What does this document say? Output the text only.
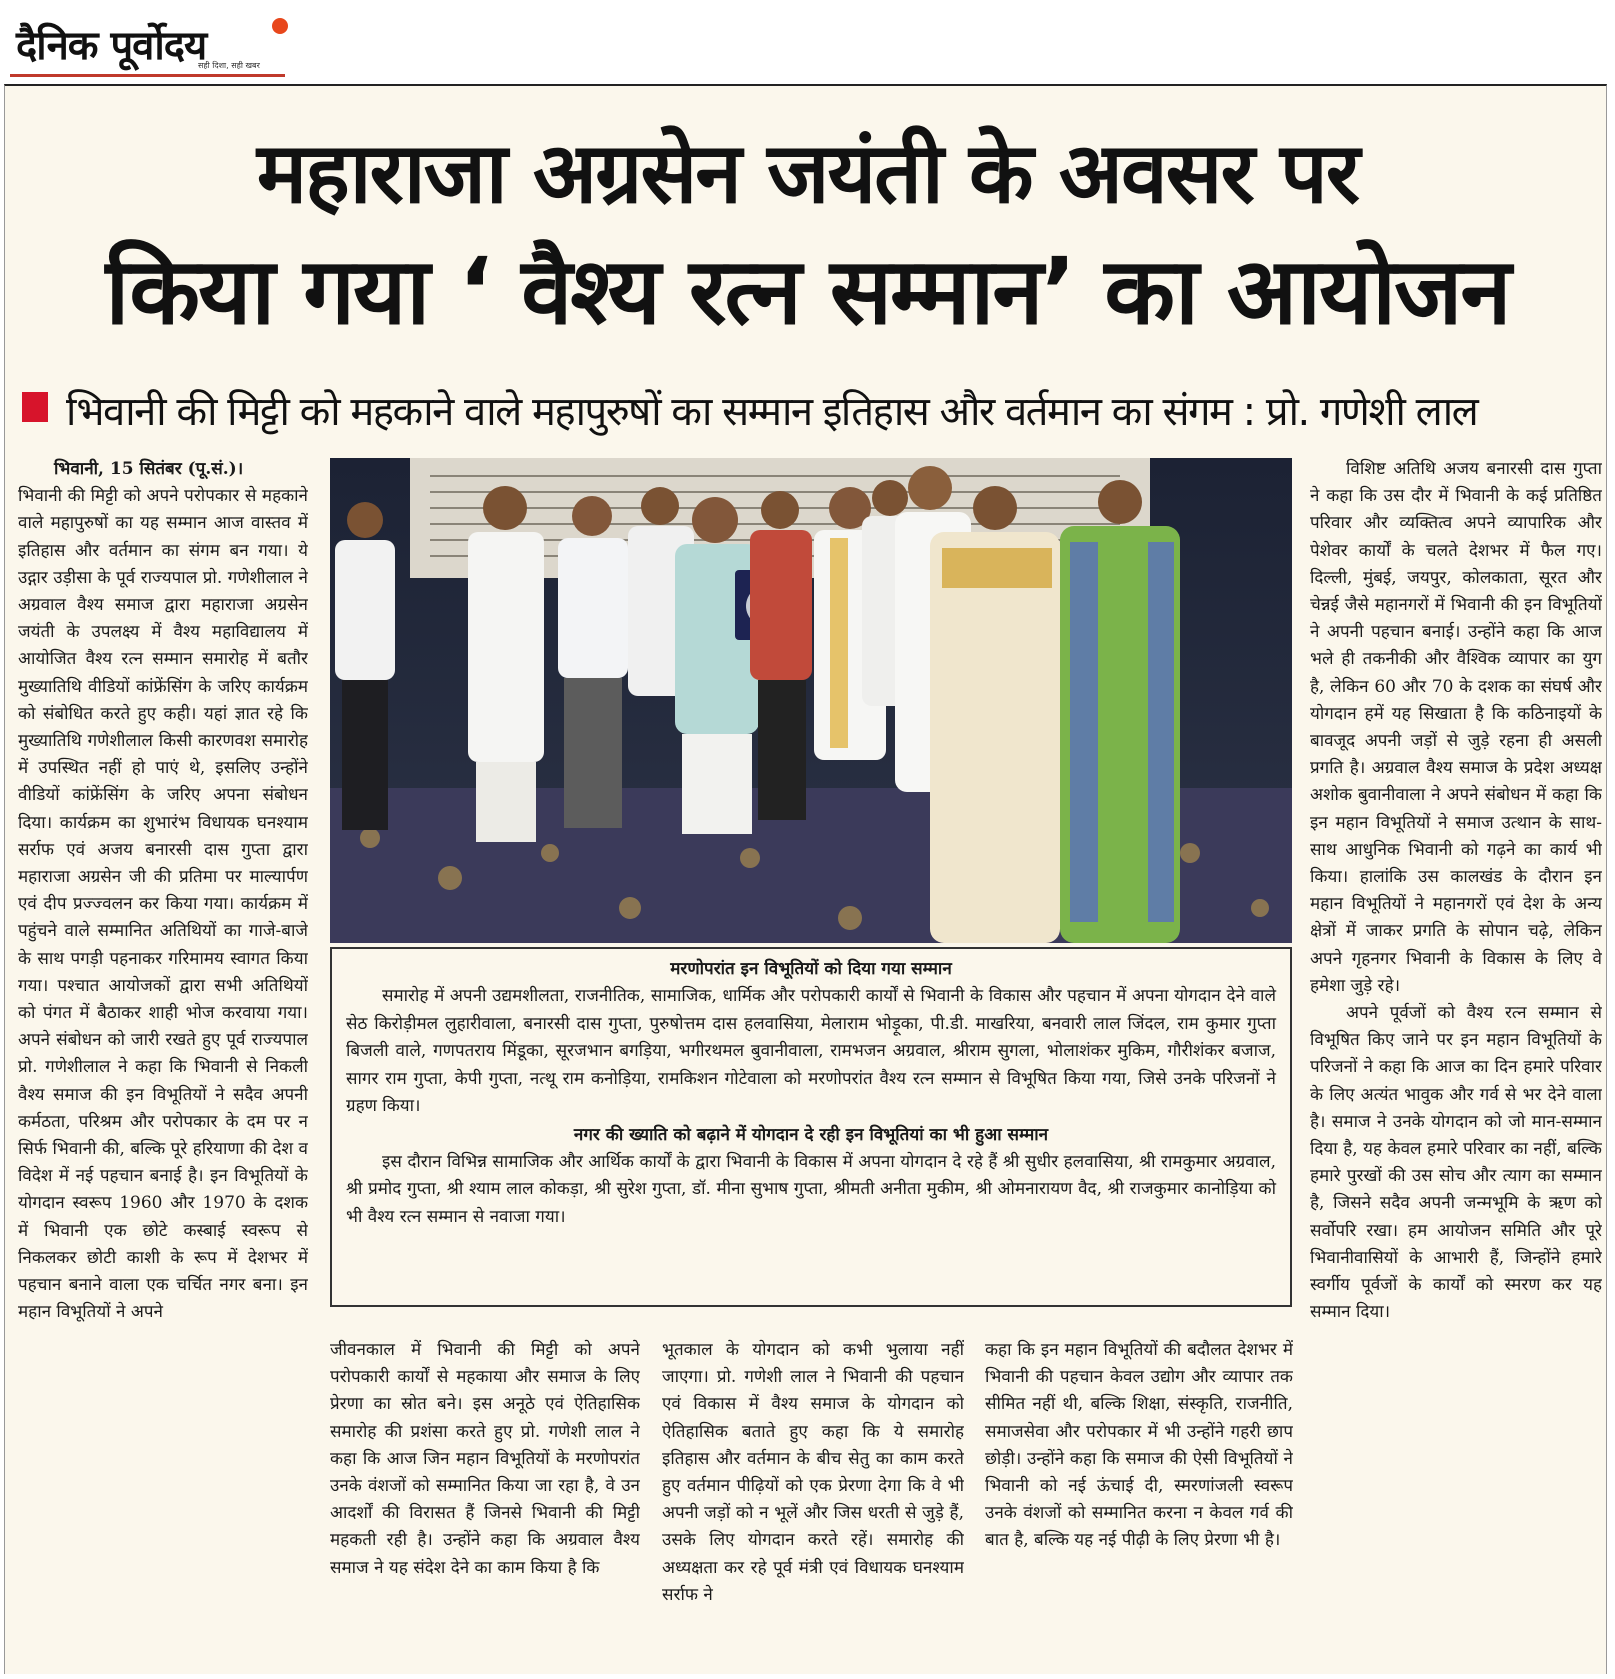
दैनिक पूर्वोदय
सही दिशा, सही खबर
महाराजा अग्रसेन जयंती के अवसर पर
किया गया ‘ वैश्य रत्न सम्मान’ का आयोजन
भिवानी की मिट्टी को महकाने वाले महापुरुषों का सम्मान इतिहास और वर्तमान का संगम : प्रो. गणेशी लाल

भिवानी, 15 सितंबर (पू.सं.)।

भिवानी की मिट्टी को अपने परोपकार से महकाने वाले महापुरुषों का यह सम्मान आज वास्तव में इतिहास और वर्तमान का संगम बन गया। ये उद्गार उड़ीसा के पूर्व राज्यपाल प्रो. गणेशीलाल ने अग्रवाल वैश्य समाज द्वारा महाराजा अग्रसेन जयंती के उपलक्ष्य में वैश्य महाविद्यालय में आयोजित वैश्य रत्न सम्मान समारोह में बतौर मुख्यातिथि वीडियों कांफ्रेंसिंग के जरिए कार्यक्रम को संबोधित करते हुए कही। यहां ज्ञात रहे कि मुख्यातिथि गणेशीलाल किसी कारणवश समारोह में उपस्थित नहीं हो पाएं थे, इसलिए उन्होंने वीडियों कांफ्रेंसिंग के जरिए अपना संबोधन दिया। कार्यक्रम का शुभारंभ विधायक घनश्याम सर्राफ एवं अजय बनारसी दास गुप्ता द्वारा महाराजा अग्रसेन जी की प्रतिमा पर माल्यार्पण एवं दीप प्रज्ज्वलन कर किया गया। कार्यक्रम में पहुंचने वाले सम्मानित अतिथियों का गाजे-बाजे के साथ पगड़ी पहनाकर गरिमामय स्वागत किया गया। पश्चात आयोजकों द्वारा सभी अतिथियों को पंगत में बैठाकर शाही भोज करवाया गया। अपने संबोधन को जारी रखते हुए पूर्व राज्यपाल प्रो. गणेशीलाल ने कहा कि भिवानी से निकली वैश्य समाज की इन विभूतियों ने सदैव अपनी कर्मठता, परिश्रम और परोपकार के दम पर न सिर्फ भिवानी की, बल्कि पूरे हरियाणा की देश व विदेश में नई पहचान बनाई है। इन विभूतियों के योगदान स्वरूप 1960 और 1970 के दशक में भिवानी एक छोटे कस्बाई स्वरूप से निकलकर छोटी काशी के रूप में देशभर में पहचान बनाने वाला एक चर्चित नगर बना। इन महान विभूतियों ने अपने

मरणोपरांत इन विभूतियों को दिया गया सम्मान

समारोह में अपनी उद्यमशीलता, राजनीतिक, सामाजिक, धार्मिक और परोपकारी कार्यों से भिवानी के विकास और पहचान में अपना योगदान देने वाले सेठ किरोड़ीमल लुहारीवाला, बनारसी दास गुप्ता, पुरुषोत्तम दास हलवासिया, मेलाराम भोड़ूका, पी.डी. माखरिया, बनवारी लाल जिंदल, राम कुमार गुप्ता बिजली वाले, गणपतराय मिंडूका, सूरजभान बगड़िया, भगीरथमल बुवानीवाला, रामभजन अग्रवाल, श्रीराम सुगला, भोलाशंकर मुकिम, गौरीशंकर बजाज, सागर राम गुप्ता, केपी गुप्ता, नत्थू राम कनोड़िया, रामकिशन गोटेवाला को मरणोपरांत वैश्य रत्न सम्मान से विभूषित किया गया, जिसे उनके परिजनों ने ग्रहण किया।

नगर की ख्याति को बढ़ाने में योगदान दे रही इन विभूतियां का भी हुआ सम्मान

इस दौरान विभिन्न सामाजिक और आर्थिक कार्यों के द्वारा भिवानी के विकास में अपना योगदान दे रहे हैं श्री सुधीर हलवासिया, श्री रामकुमार अग्रवाल, श्री प्रमोद गुप्ता, श्री श्याम लाल कोकड़ा, श्री सुरेश गुप्ता, डॉ. मीना सुभाष गुप्ता, श्रीमती अनीता मुकीम, श्री ओमनारायण वैद, श्री राजकुमार कानोड़िया को भी वैश्य रत्न सम्मान से नवाजा गया।

जीवनकाल में भिवानी की मिट्टी को अपने परोपकारी कार्यों से महकाया और समाज के लिए प्रेरणा का स्रोत बने। इस अनूठे एवं ऐतिहासिक समारोह की प्रशंसा करते हुए प्रो. गणेशी लाल ने कहा कि आज जिन महान विभूतियों के मरणोपरांत उनके वंशजों को सम्मानित किया जा रहा है, वे उन आदर्शों की विरासत हैं जिनसे भिवानी की मिट्टी महकती रही है। उन्होंने कहा कि अग्रवाल वैश्य समाज ने यह संदेश देने का काम किया है कि

भूतकाल के योगदान को कभी भुलाया नहीं जाएगा। प्रो. गणेशी लाल ने भिवानी की पहचान एवं विकास में वैश्य समाज के योगदान को ऐतिहासिक बताते हुए कहा कि ये समारोह इतिहास और वर्तमान के बीच सेतु का काम करते हुए वर्तमान पीढ़ियों को एक प्रेरणा देगा कि वे भी अपनी जड़ों को न भूलें और जिस धरती से जुड़े हैं, उसके लिए योगदान करते रहें। समारोह की अध्यक्षता कर रहे पूर्व मंत्री एवं विधायक घनश्याम सर्राफ ने

कहा कि इन महान विभूतियों की बदौलत देशभर में भिवानी की पहचान केवल उद्योग और व्यापार तक सीमित नहीं थी, बल्कि शिक्षा, संस्कृति, राजनीति, समाजसेवा और परोपकार में भी उन्होंने गहरी छाप छोड़ी। उन्होंने कहा कि समाज की ऐसी विभूतियों ने भिवानी को नई ऊंचाई दी, स्मरणांजली स्वरूप उनके वंशजों को सम्मानित करना न केवल गर्व की बात है, बल्कि यह नई पीढ़ी के लिए प्रेरणा भी है।

विशिष्ट अतिथि अजय बनारसी दास गुप्ता ने कहा कि उस दौर में भिवानी के कई प्रतिष्ठित परिवार और व्यक्तित्व अपने व्यापारिक और पेशेवर कार्यों के चलते देशभर में फैल गए। दिल्ली, मुंबई, जयपुर, कोलकाता, सूरत और चेन्नई जैसे महानगरों में भिवानी की इन विभूतियों ने अपनी पहचान बनाई। उन्होंने कहा कि आज भले ही तकनीकी और वैश्विक व्यापार का युग है, लेकिन 60 और 70 के दशक का संघर्ष और योगदान हमें यह सिखाता है कि कठिनाइयों के बावजूद अपनी जड़ों से जुड़े रहना ही असली प्रगति है। अग्रवाल वैश्य समाज के प्रदेश अध्यक्ष अशोक बुवानीवाला ने अपने संबोधन में कहा कि इन महान विभूतियों ने समाज उत्थान के साथ-साथ आधुनिक भिवानी को गढ़ने का कार्य भी किया। हालांकि उस कालखंड के दौरान इन महान विभूतियों ने महानगरों एवं देश के अन्य क्षेत्रों में जाकर प्रगति के सोपान चढ़े, लेकिन अपने गृहनगर भिवानी के विकास के लिए वे हमेशा जुड़े रहे।

अपने पूर्वजों को वैश्य रत्न सम्मान से विभूषित किए जाने पर इन महान विभूतियों के परिजनों ने कहा कि आज का दिन हमारे परिवार के लिए अत्यंत भावुक और गर्व से भर देने वाला है। समाज ने उनके योगदान को जो मान-सम्मान दिया है, यह केवल हमारे परिवार का नहीं, बल्कि हमारे पुरखों की उस सोच और त्याग का सम्मान है, जिसने सदैव अपनी जन्मभूमि के ऋण को सर्वोपरि रखा। हम आयोजन समिति और पूरे भिवानीवासियों के आभारी हैं, जिन्होंने हमारे स्वर्गीय पूर्वजों के कार्यों को स्मरण कर यह सम्मान दिया।
